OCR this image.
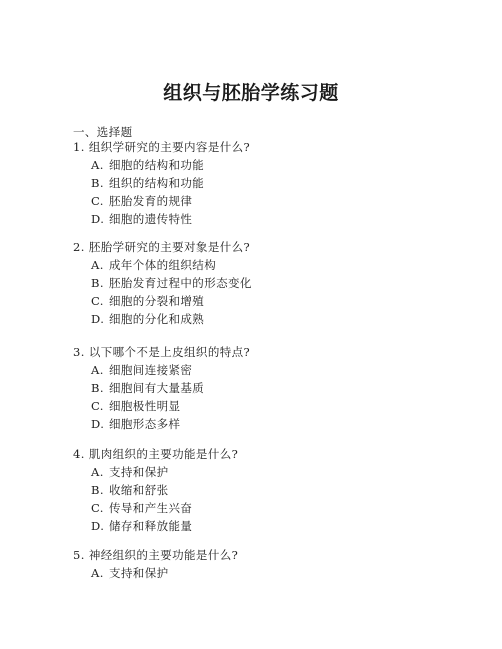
组织与胚胎学练习题
一、选择题
1. 组织学研究的主要内容是什么?
A. 细胞的结构和功能
B. 组织的结构和功能
C. 胚胎发育的规律
D. 细胞的遗传特性
2. 胚胎学研究的主要对象是什么?
A. 成年个体的组织结构
B. 胚胎发育过程中的形态变化
C. 细胞的分裂和增殖
D. 细胞的分化和成熟
3. 以下哪个不是上皮组织的特点?
A. 细胞间连接紧密
B. 细胞间有大量基质
C. 细胞极性明显
D. 细胞形态多样
4. 肌肉组织的主要功能是什么?
A. 支持和保护
B. 收缩和舒张
C. 传导和产生兴奋
D. 储存和释放能量
5. 神经组织的主要功能是什么?
A. 支持和保护
